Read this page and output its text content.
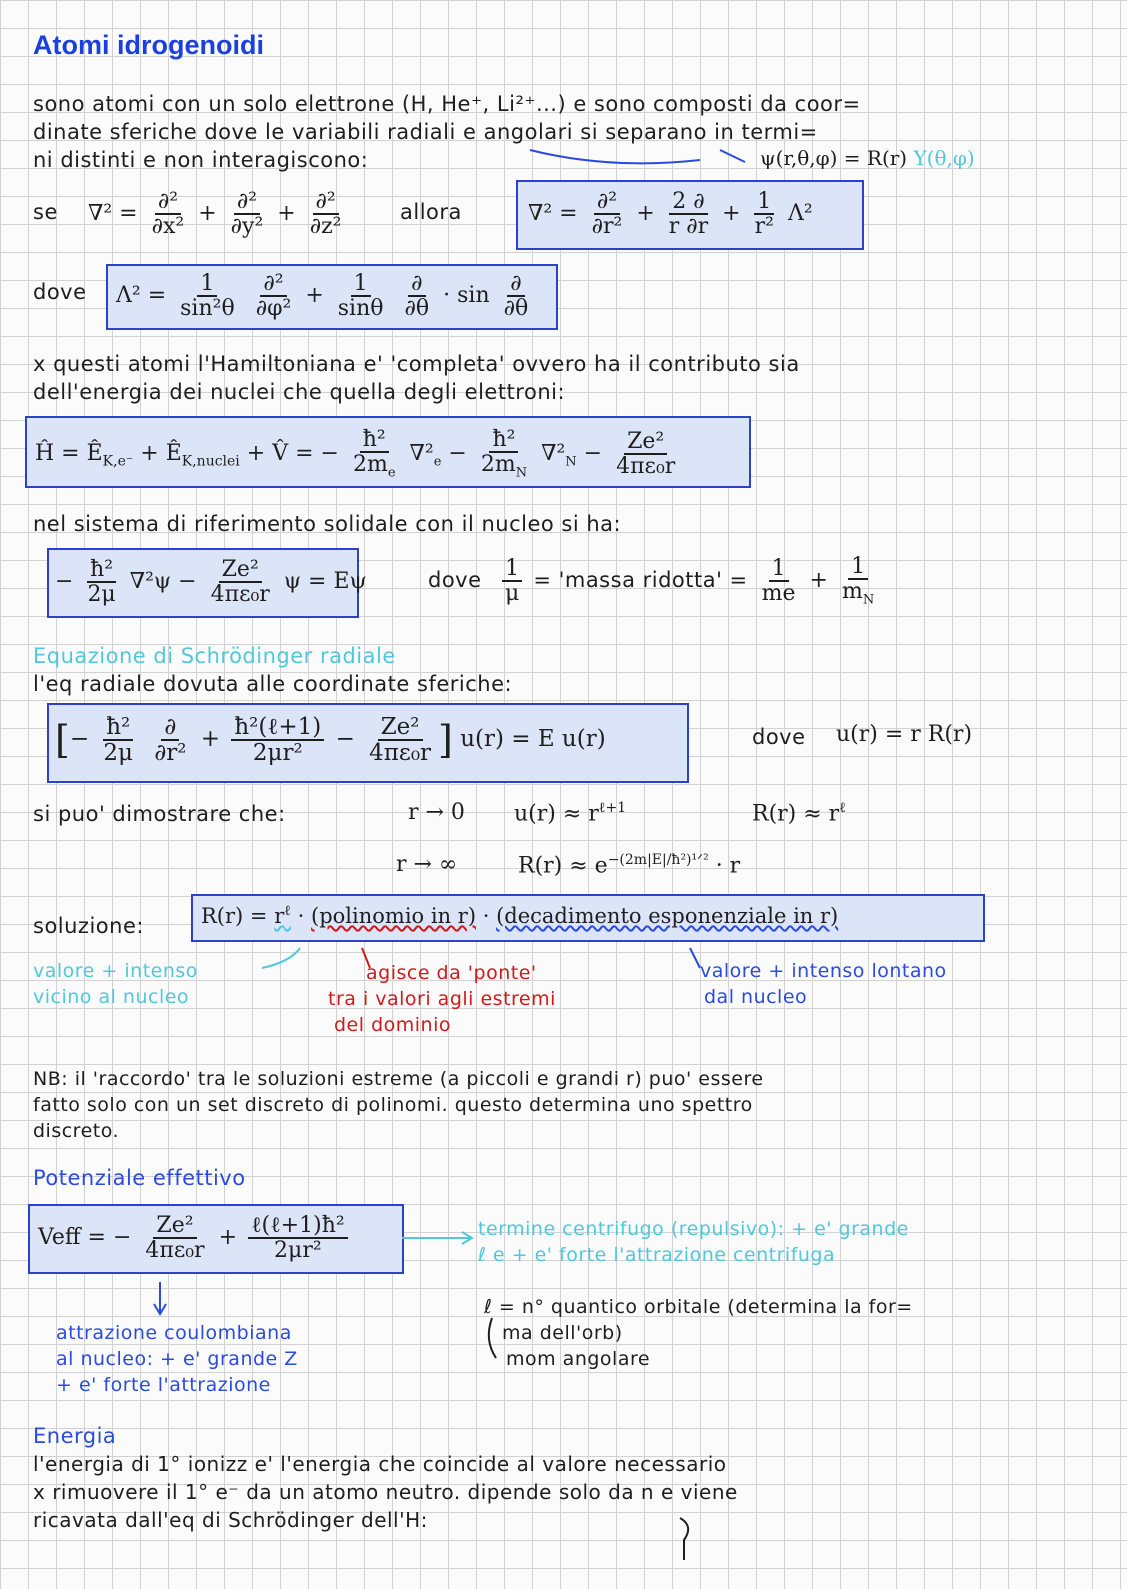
Atomi idrogenoidi
sono atomi con un solo elettrone (H, He⁺, Li²⁺...) e sono composti da coor=
dinate sferiche dove le variabili radiali e angolari si separano in termi=
ni distinti e non interagiscono:	ψ(r,θ,φ) = R(r) Y(θ,φ)
se $\nabla^2 = \frac{\text{∂²}}{\text{∂x²}} + \frac{\text{∂²}}{\text{∂y²}} + \frac{\text{∂²}}{\text{∂z²}}$	allora	$\nabla^2 = \frac{\text{∂²}}{\text{∂r²}} + \frac{2 \partial}{r \partial r} + \frac{1}{\text{r²}} \Lambda^2$
dove $\Lambda^2 = \frac{1}{\text{sin²θ}}$
$\frac{\text{∂²}}{\text{∂φ²}} + \frac{1}{\sin\theta}$
$\frac{\partial}{\partial\theta} \cdot \sin \frac{\partial}{\partial\theta}$
x questi atomi l'Hamiltoniana e' 'completa' ovvero ha il contributo sia
dell'energia dei nuclei che quella degli elettroni:
Ĥ = $Ê_{K,e^-}$ + $Ê_{K,nuclei}$ + V̂ = − $\frac{\text{ħ²}}{2m_e} \nabla^2_e - \frac{\text{ħ²}}{2m_N} \nabla^2_N - \frac{\text{Ze²}}{\text{4πε₀r}}$
nel sistema di riferimento solidale con il nucleo si ha:
− $\frac{\text{ħ²}}{2\mu} \nabla^2\psi - \frac{\text{Ze²}}{\text{4πε₀r}}$ ψ = Eψ	dove $\frac{1}{\mu}$ = 'massa ridotta' = $\frac{1}{me} + \frac{1}{m_N}$
Equazione di Schrödinger radiale
l'eq radiale dovuta alle coordinate sferiche:
[− $\frac{\text{ħ²}}{2\mu}$
$\frac{\partial}{\text{∂r²}} + \frac{\text{ħ²(ℓ+1)}}{\text{2μr²}} - \frac{\text{Ze²}}{\text{4πε₀r}}$ ] u(r) = E u(r)	dove u(r) = r R(r)
si puo' dimostrare che:	r → 0 $u(r) \approx r^{\ell+1}$	$R(r) \approx r^\ell$
r → ∞	$R(r) \approx e^{-(2m|E|/ħ^2)^1ᐟ^2} \cdot r$
soluzione:	$R(r) = r^\ell$ · (polinomio in r) · (decadimento esponenziale in r)
valore + intenso
vicino al nucleo
agisce da 'ponte'
tra i valori agli estremi
del dominio
valore + intenso lontano
dal nucleo
NB: il 'raccordo' tra le soluzioni estreme (a piccoli e grandi r) puo' essere
fatto solo con un set discreto di polinomi. questo determina uno spettro
discreto.
Potenziale effettivo
Veff = − $\frac{\text{Ze²}}{\text{4πε₀r}} + \frac{\text{ℓ(ℓ+1)ħ²}}{\text{2μr²}}$	termine centrifugo (repulsivo): + e' grande
ℓ e + e' forte l'attrazione centrifuga
attrazione coulombiana
al nucleo: + e' grande Z
+ e' forte l'attrazione
ℓ = n° quantico orbitale (determina la for=
ma dell'orb)
mom angolare
Energia
l'energia di 1° ionizz e' l'energia che coincide al valore necessario
x rimuovere il 1° e⁻ da un atomo neutro. dipende solo da n e viene
ricavata dall'eq di Schrödinger dell'H:
